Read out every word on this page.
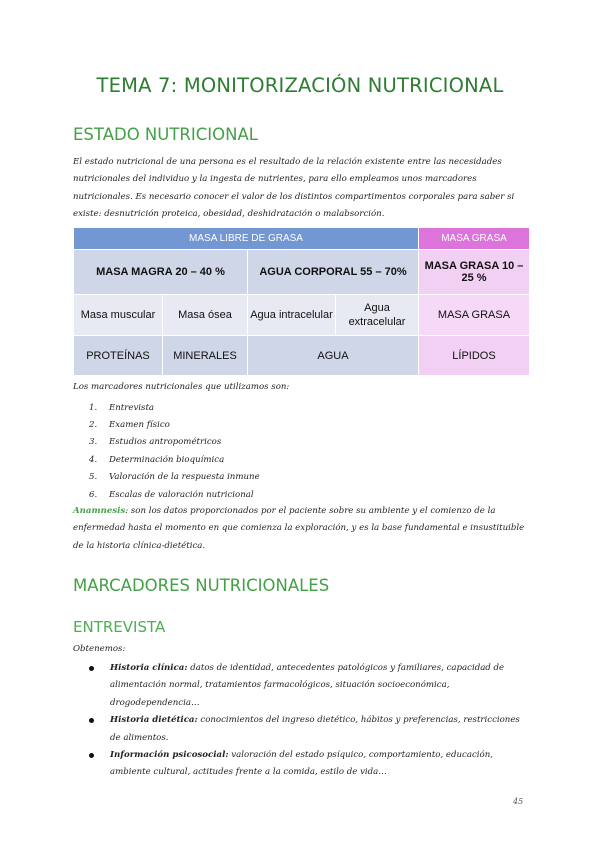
TEMA 7: MONITORIZACIÓN NUTRICIONAL
ESTADO NUTRICIONAL

El estado nutricional de una persona es el resultado de la relación existente entre las necesidades nutricionales del individuo y la ingesta de nutrientes, para ello empleamos unos marcadores nutricionales. Es necesario conocer el valor de los distintos compartimentos corporales para saber si existe: desnutrición proteica, obesidad, deshidratación o malabsorción.

MASA LIBRE DE GRASA				MASA GRASA
MASA MAGRA 20 – 40 %		AGUA CORPORAL 55 – 70%		MASA GRASA 10 – 25 %
Masa muscular	Masa ósea	Agua intracelular	Agua extracelular	MASA GRASA
PROTEÍNAS	MINERALES	AGUA		LÍPIDOS

Los marcadores nutricionales que utilizamos son:

1.	Entrevista
2.	Examen físico
3.	Estudios antropométricos
4.	Determinación bioquímica
5.	Valoración de la respuesta inmune
6.	Escalas de valoración nutricional

Anamnesis: son los datos proporcionados por el paciente sobre su ambiente y el comienzo de la enfermedad hasta el momento en que comienza la exploración, y es la base fundamental e insustituible de la historia clínica-dietética.

MARCADORES NUTRICIONALES
ENTREVISTA

Obtenemos:

Historia clínica: datos de identidad, antecedentes patológicos y familiares, capacidad de alimentación normal, tratamientos farmacológicos, situación socioeconómica, drogodependencia…
Historia dietética: conocimientos del ingreso dietético, hábitos y preferencias, restricciones de alimentos.
Información psicosocial: valoración del estado psíquico, comportamiento, educación, ambiente cultural, actitudes frente a la comida, estilo de vida…
45
